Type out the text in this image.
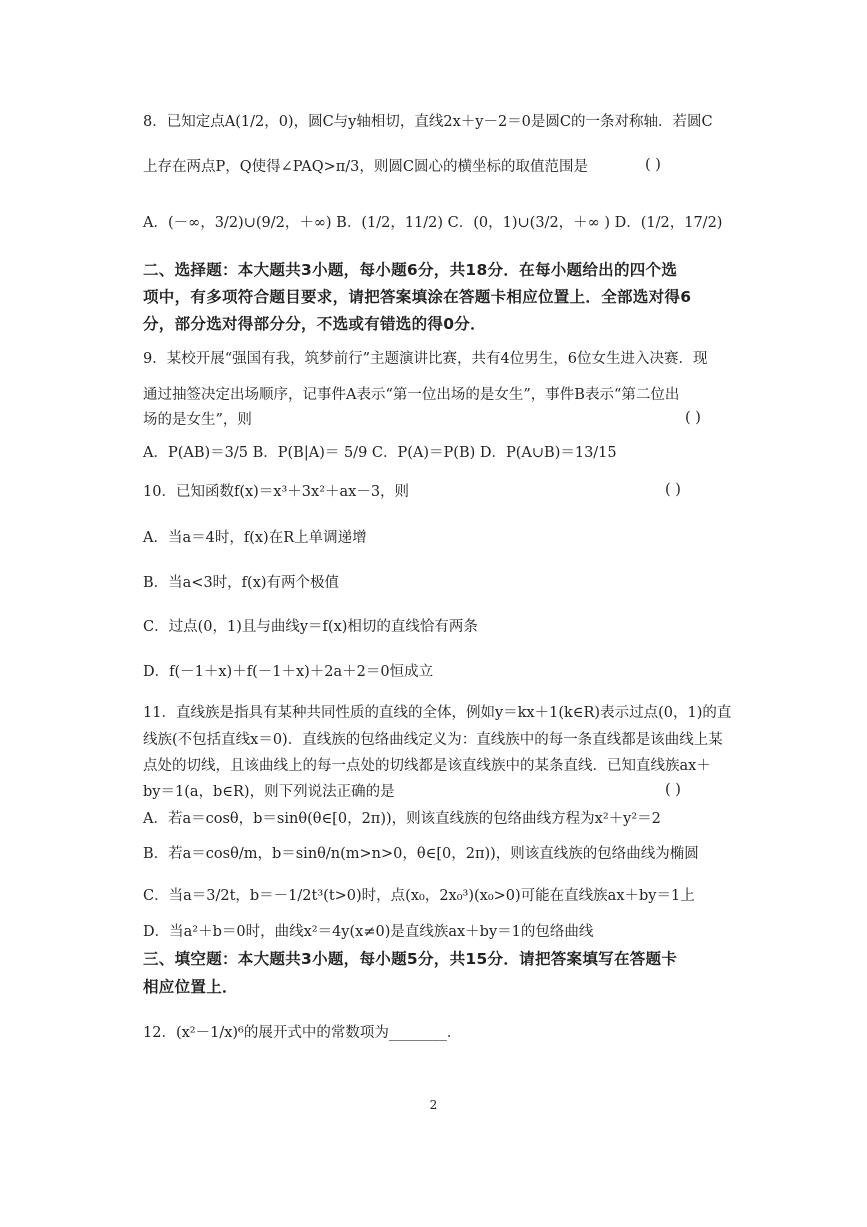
8．已知定点A(1/2，0)，圆C与y轴相切，直线2x＋y－2＝0是圆C的一条对称轴．若圆C
上存在两点P，Q使得∠PAQ>π/3，则圆C圆心的横坐标的取值范围是	( )
A．(－∞，3/2)∪(9/2，＋∞) B．(1/2，11/2) C．(0，1)∪(3/2，＋∞ ) D．(1/2，17/2)
二、选择题：本大题共3小题，每小题6分，共18分．在每小题给出的四个选
项中，有多项符合题目要求，请把答案填涂在答题卡相应位置上．全部选对得6
分，部分选对得部分分，不选或有错选的得0分．
9．某校开展“强国有我，筑梦前行”主题演讲比赛，共有4位男生，6位女生进入决赛．现
通过抽签决定出场顺序，记事件A表示“第一位出场的是女生”，事件B表示“第二位出
场的是女生”，则	( )
A．P(AB)＝3/5 B．P(B|A)＝ 5/9 C．P(A)＝P(B) D．P(A∪B)＝13/15
10．已知函数f(x)＝x³＋3x²＋ax－3，则	( )
A．当a＝4时，f(x)在R上单调递增
B．当a<3时，f(x)有两个极值
C．过点(0，1)且与曲线y＝f(x)相切的直线恰有两条
D．f(－1＋x)＋f(－1＋x)＋2a＋2＝0恒成立
11．直线族是指具有某种共同性质的直线的全体，例如y＝kx＋1(k∈R)表示过点(0，1)的直
线族(不包括直线x＝0)．直线族的包络曲线定义为：直线族中的每一条直线都是该曲线上某
点处的切线，且该曲线上的每一点处的切线都是该直线族中的某条直线．已知直线族ax＋
by＝1(a，b∈R)，则下列说法正确的是	( )
A．若a＝cosθ，b＝sinθ(θ∈[0，2π))，则该直线族的包络曲线方程为x²＋y²＝2
B．若a＝cosθ/m，b＝sinθ/n(m>n>0，θ∈[0，2π))，则该直线族的包络曲线为椭圆
C．当a＝3/2t，b＝－1/2t³(t>0)时，点(x₀，2x₀³)(x₀>0)可能在直线族ax＋by＝1上
D．当a²＋b＝0时，曲线x²＝4y(x≠0)是直线族ax＋by＝1的包络曲线
三、填空题：本大题共3小题，每小题5分，共15分．请把答案填写在答题卡
相应位置上．
12．(x²－1/x)⁶的展开式中的常数项为________．
2
